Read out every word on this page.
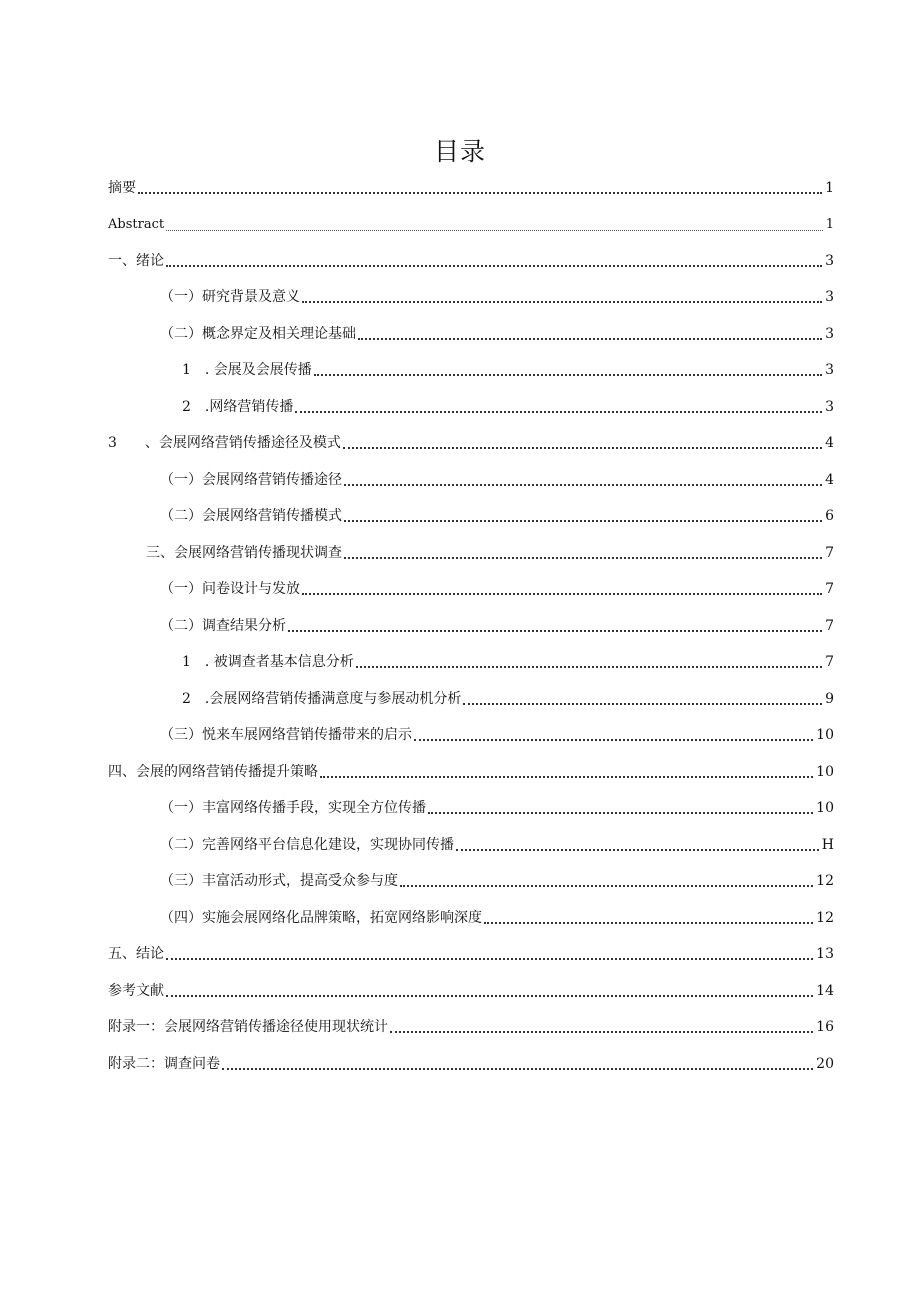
目录
摘要	1
Abstract	1
一、绪论	3
（一）研究背景及意义	3
（二）概念界定及相关理论基础	3
1　. 会展及会展传播	3
2　.网络营销传播	3
3　　、会展网络营销传播途径及模式	4
（一）会展网络营销传播途径	4
（二）会展网络营销传播模式	6
三、会展网络营销传播现状调查	7
（一）问卷设计与发放	7
（二）调查结果分析	7
1　. 被调查者基本信息分析	7
2　.会展网络营销传播满意度与参展动机分析	9
（三）悦来车展网络营销传播带来的启示	10
四、会展的网络营销传播提升策略	10
（一）丰富网络传播手段，实现全方位传播	10
（二）完善网络平台信息化建设，实现协同传播	H
（三）丰富活动形式，提高受众参与度	12
（四）实施会展网络化品牌策略，拓宽网络影响深度	12
五、结论	13
参考文献	14
附录一：会展网络营销传播途径使用现状统计	16
附录二：调查问卷	20
